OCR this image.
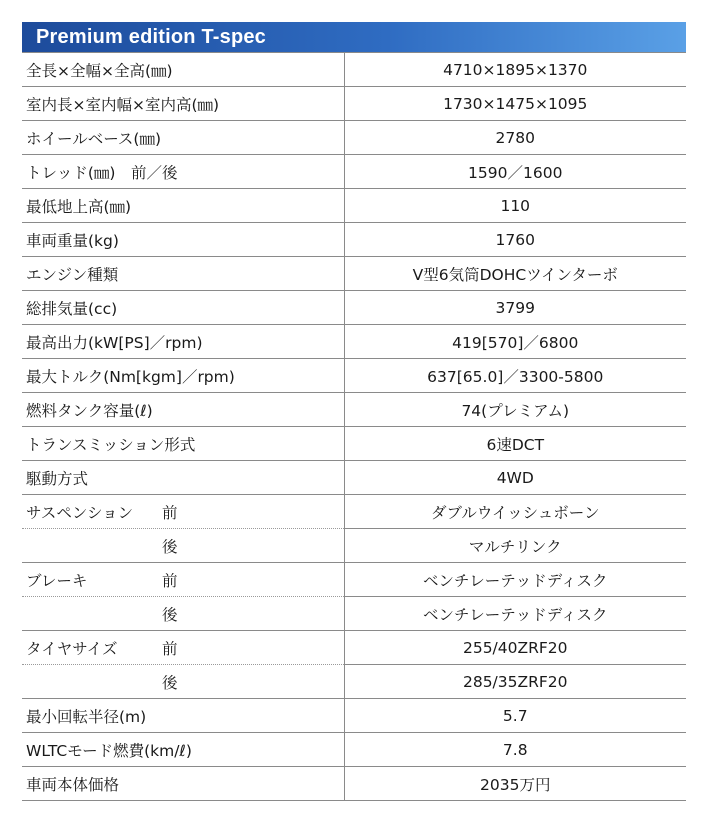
Premium edition T-spec
全長×全幅×全高(㎜)	4710×1895×1370
室内長×室内幅×室内高(㎜)	1730×1475×1095
ホイールベース(㎜)	2780
トレッド(㎜)　前／後	1590／1600
最低地上高(㎜)	110
車両重量(kg)	1760
エンジン種類	V型6気筒DOHCツインターボ
総排気量(cc)	3799
最高出力(kW[PS]／rpm)	419[570]／6800
最大トルク(Nm[kgm]／rpm)	637[65.0]／3300-5800
燃料タンク容量(ℓ)	74(プレミアム)
トランスミッション形式	6速DCT
駆動方式	4WD
サスペンション 前	ダブルウイッシュボーン
後	マルチリンク
ブレーキ 前	ベンチレーテッドディスク
後	ベンチレーテッドディスク
タイヤサイズ 前	255/40ZRF20
後	285/35ZRF20
最小回転半径(m)	5.7
WLTCモード燃費(km/ℓ)	7.8
車両本体価格	2035万円
